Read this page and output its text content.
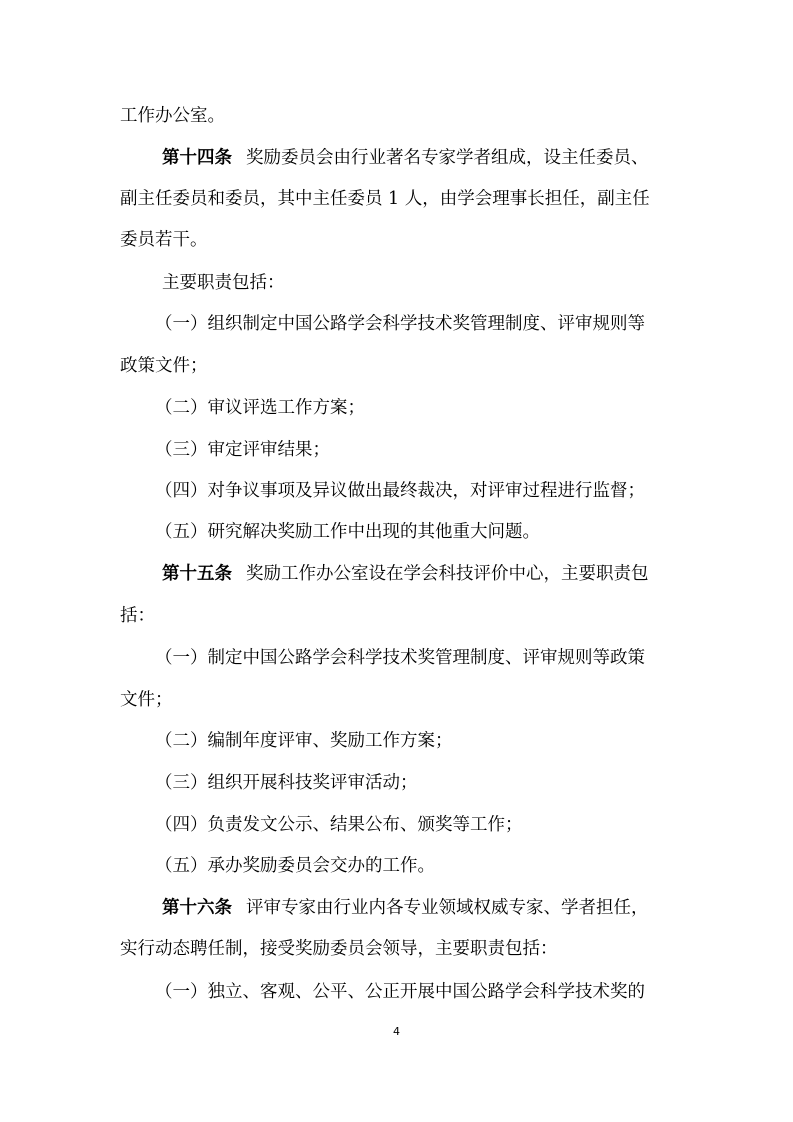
工作办公室。
第十四条 奖励委员会由行业著名专家学者组成，设主任委员、
副主任委员和委员，其中主任委员 1 人，由学会理事长担任，副主任
委员若干。
主要职责包括：
（一）组织制定中国公路学会科学技术奖管理制度、评审规则等
政策文件；
（二）审议评选工作方案；
（三）审定评审结果；
（四）对争议事项及异议做出最终裁决，对评审过程进行监督；
（五）研究解决奖励工作中出现的其他重大问题。
第十五条 奖励工作办公室设在学会科技评价中心，主要职责包
括：
（一）制定中国公路学会科学技术奖管理制度、评审规则等政策
文件；
（二）编制年度评审、奖励工作方案；
（三）组织开展科技奖评审活动；
（四）负责发文公示、结果公布、颁奖等工作；
（五）承办奖励委员会交办的工作。
第十六条 评审专家由行业内各专业领域权威专家、学者担任，
实行动态聘任制，接受奖励委员会领导，主要职责包括：
（一）独立、客观、公平、公正开展中国公路学会科学技术奖的
4
